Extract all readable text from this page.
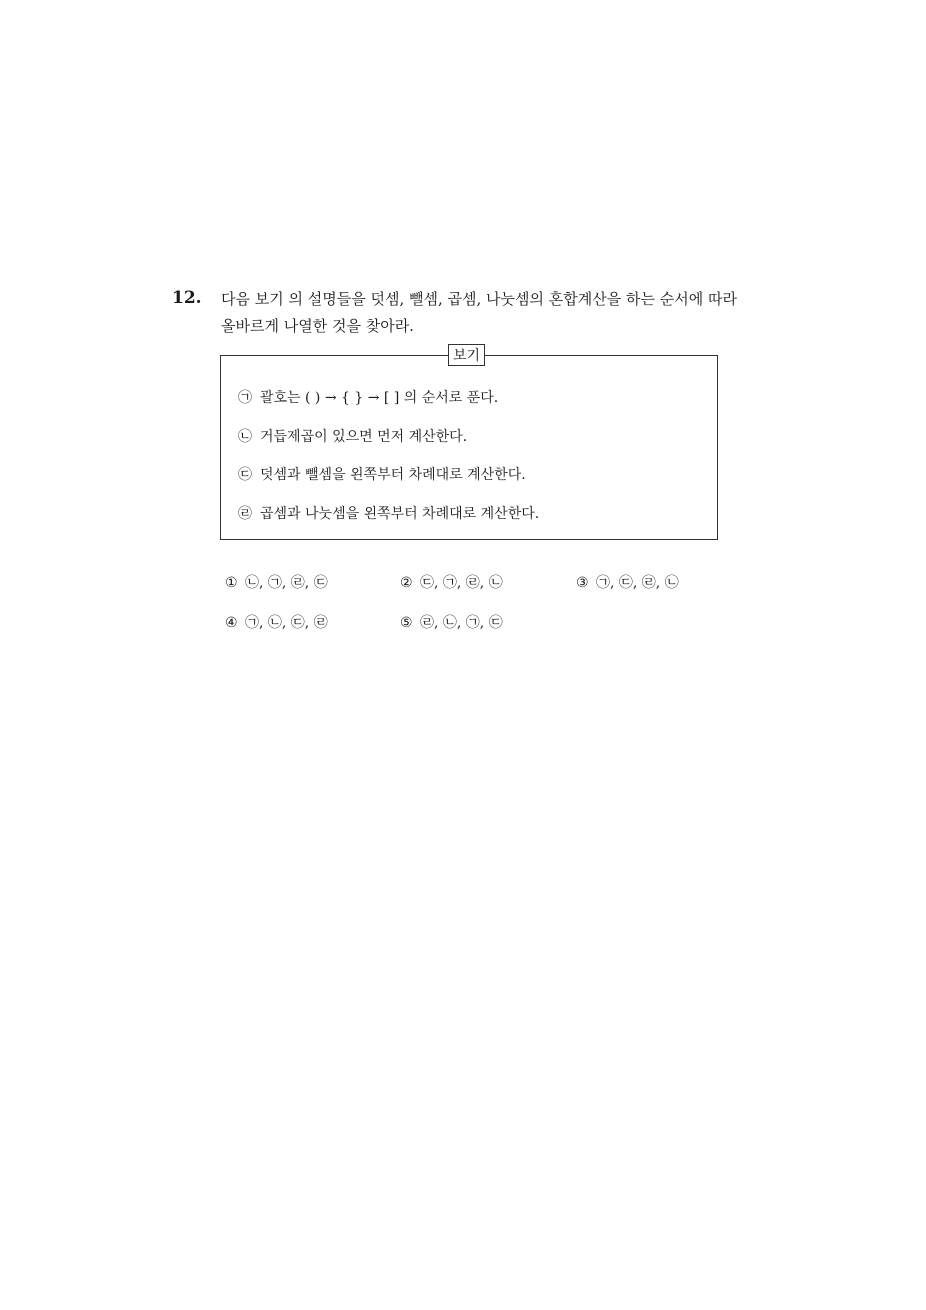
12. 다음 보기 의 설명들을 덧셈, 뺄셈, 곱셈, 나눗셈의 혼합계산을 하는 순서에 따라
올바르게 나열한 것을 찾아라.
보기
㉠ 괄호는 ( ) → { } → [ ] 의 순서로 푼다.
㉡ 거듭제곱이 있으면 먼저 계산한다.
㉢ 덧셈과 뺄셈을 왼쪽부터 차례대로 계산한다.
㉣ 곱셈과 나눗셈을 왼쪽부터 차례대로 계산한다.
① ㉡, ㉠, ㉣, ㉢	② ㉢, ㉠, ㉣, ㉡	③ ㉠, ㉢, ㉣, ㉡
④ ㉠, ㉡, ㉢, ㉣	⑤ ㉣, ㉡, ㉠, ㉢
